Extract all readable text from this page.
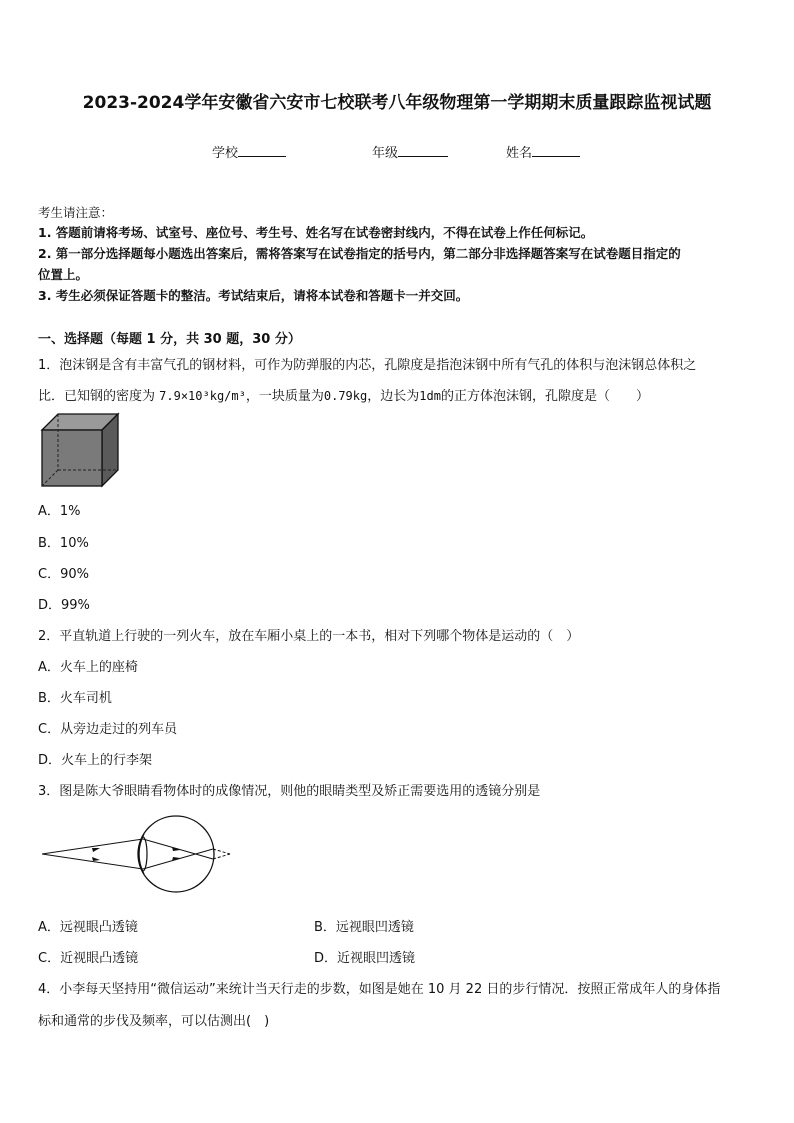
2023-2024学年安徽省六安市七校联考八年级物理第一学期期末质量跟踪监视试题
学校	年级	姓名
考生请注意：
1. 答题前请将考场、试室号、座位号、考生号、姓名写在试卷密封线内，不得在试卷上作任何标记。
2. 第一部分选择题每小题选出答案后，需将答案写在试卷指定的括号内，第二部分非选择题答案写在试卷题目指定的
位置上。
3. 考生必须保证答题卡的整洁。考试结束后，请将本试卷和答题卡一并交回。
一、选择题（每题 1 分，共 30 题，30 分）
1．泡沫钢是含有丰富气孔的钢材料，可作为防弹服的内芯，孔隙度是指泡沫钢中所有气孔的体积与泡沫钢总体积之
比．已知钢的密度为 7.9×10³kg/m³，一块质量为0.79kg，边长为1dm的正方体泡沫钢，孔隙度是（　　）
A．1%
B．10%
C．90%
D．99%
2．平直轨道上行驶的一列火车，放在车厢小桌上的一本书，相对下列哪个物体是运动的（　）
A．火车上的座椅
B．火车司机
C．从旁边走过的列车员
D．火车上的行李架
3．图是陈大爷眼睛看物体时的成像情况，则他的眼睛类型及矫正需要选用的透镜分别是
A．远视眼凸透镜	B．远视眼凹透镜
C．近视眼凸透镜	D．近视眼凹透镜
4．小李每天坚持用“微信运动”来统计当天行走的步数，如图是她在 10 月 22 日的步行情况．按照正常成年人的身体指
标和通常的步伐及频率，可以估测出(　)
